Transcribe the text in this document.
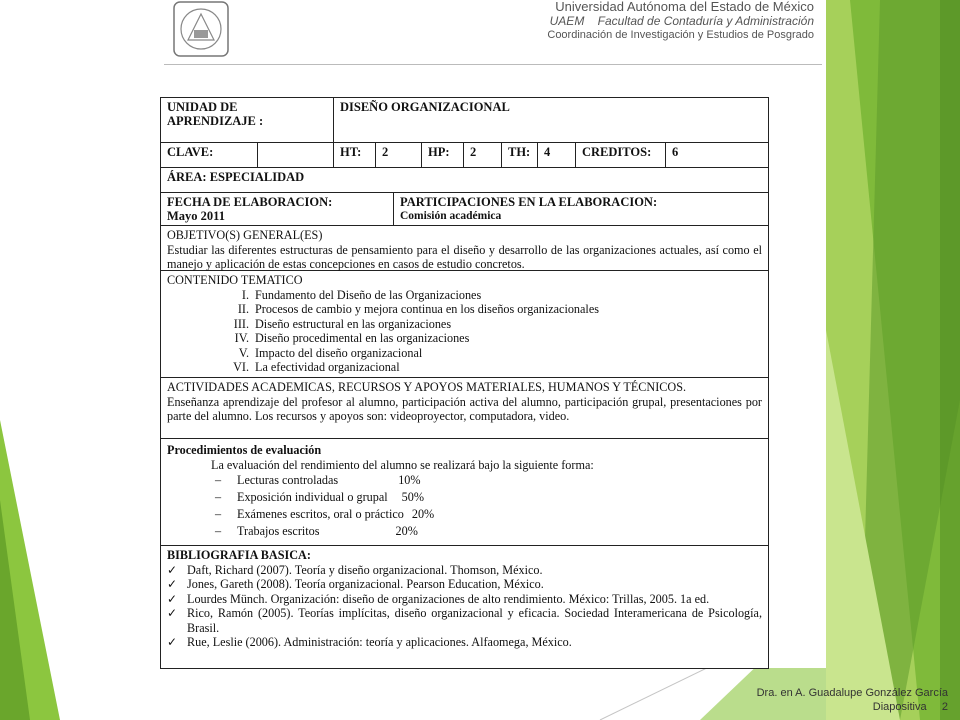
Universidad Autónoma del Estado de México
UAEM Facultad de Contaduría y Administración
Coordinación de Investigación y Estudios de Posgrado
UNIDAD DE APRENDIZAJE :
DISEÑO ORGANIZACIONAL
CLAVE:	HT:	2	HP:	2	TH:	4	CREDITOS:	6
ÁREA: ESPECIALIDAD
FECHA DE ELABORACION:
Mayo 2011
PARTICIPACIONES EN LA ELABORACION:
Comisión académica
OBJETIVO(S) GENERAL(ES)
Estudiar las diferentes estructuras de pensamiento para el diseño y desarrollo de las organizaciones actuales, así como el manejo y aplicación de estas concepciones en casos de estudio concretos.
CONTENIDO TEMATICO
I. Fundamento del Diseño de las Organizaciones
II. Procesos de cambio y mejora continua en los diseños organizacionales
III. Diseño estructural en las organizaciones
IV. Diseño procedimental en las organizaciones
V. Impacto del diseño organizacional
VI. La efectividad organizacional
ACTIVIDADES ACADEMICAS, RECURSOS Y APOYOS MATERIALES, HUMANOS Y TÉCNICOS.
Enseñanza aprendizaje del profesor al alumno, participación activa del alumno, participación grupal, presentaciones por parte del alumno. Los recursos y apoyos son: videoproyector, computadora, video.
Procedimientos de evaluación
La evaluación del rendimiento del alumno se realizará bajo la siguiente forma:
–	Lecturas controladas	10%
–	Exposición individual o grupal 50%
–	Exámenes escritos, oral o práctico 20%
–	Trabajos escritos	20%
BIBLIOGRAFIA BASICA:
✓ Daft, Richard (2007). Teoría y diseño organizacional. Thomson, México.
✓ Jones, Gareth (2008). Teoría organizacional. Pearson Education, México.
✓ Lourdes Münch. Organización: diseño de organizaciones de alto rendimiento. México: Trillas, 2005. 1a ed.
✓ Rico, Ramón (2005). Teorías implícitas, diseño organizacional y eficacia. Sociedad Interamericana de Psicología, Brasil.
✓ Rue, Leslie (2006). Administración: teoría y aplicaciones. Alfaomega, México.
Dra. en A. Guadalupe González García
Diapositiva 2
